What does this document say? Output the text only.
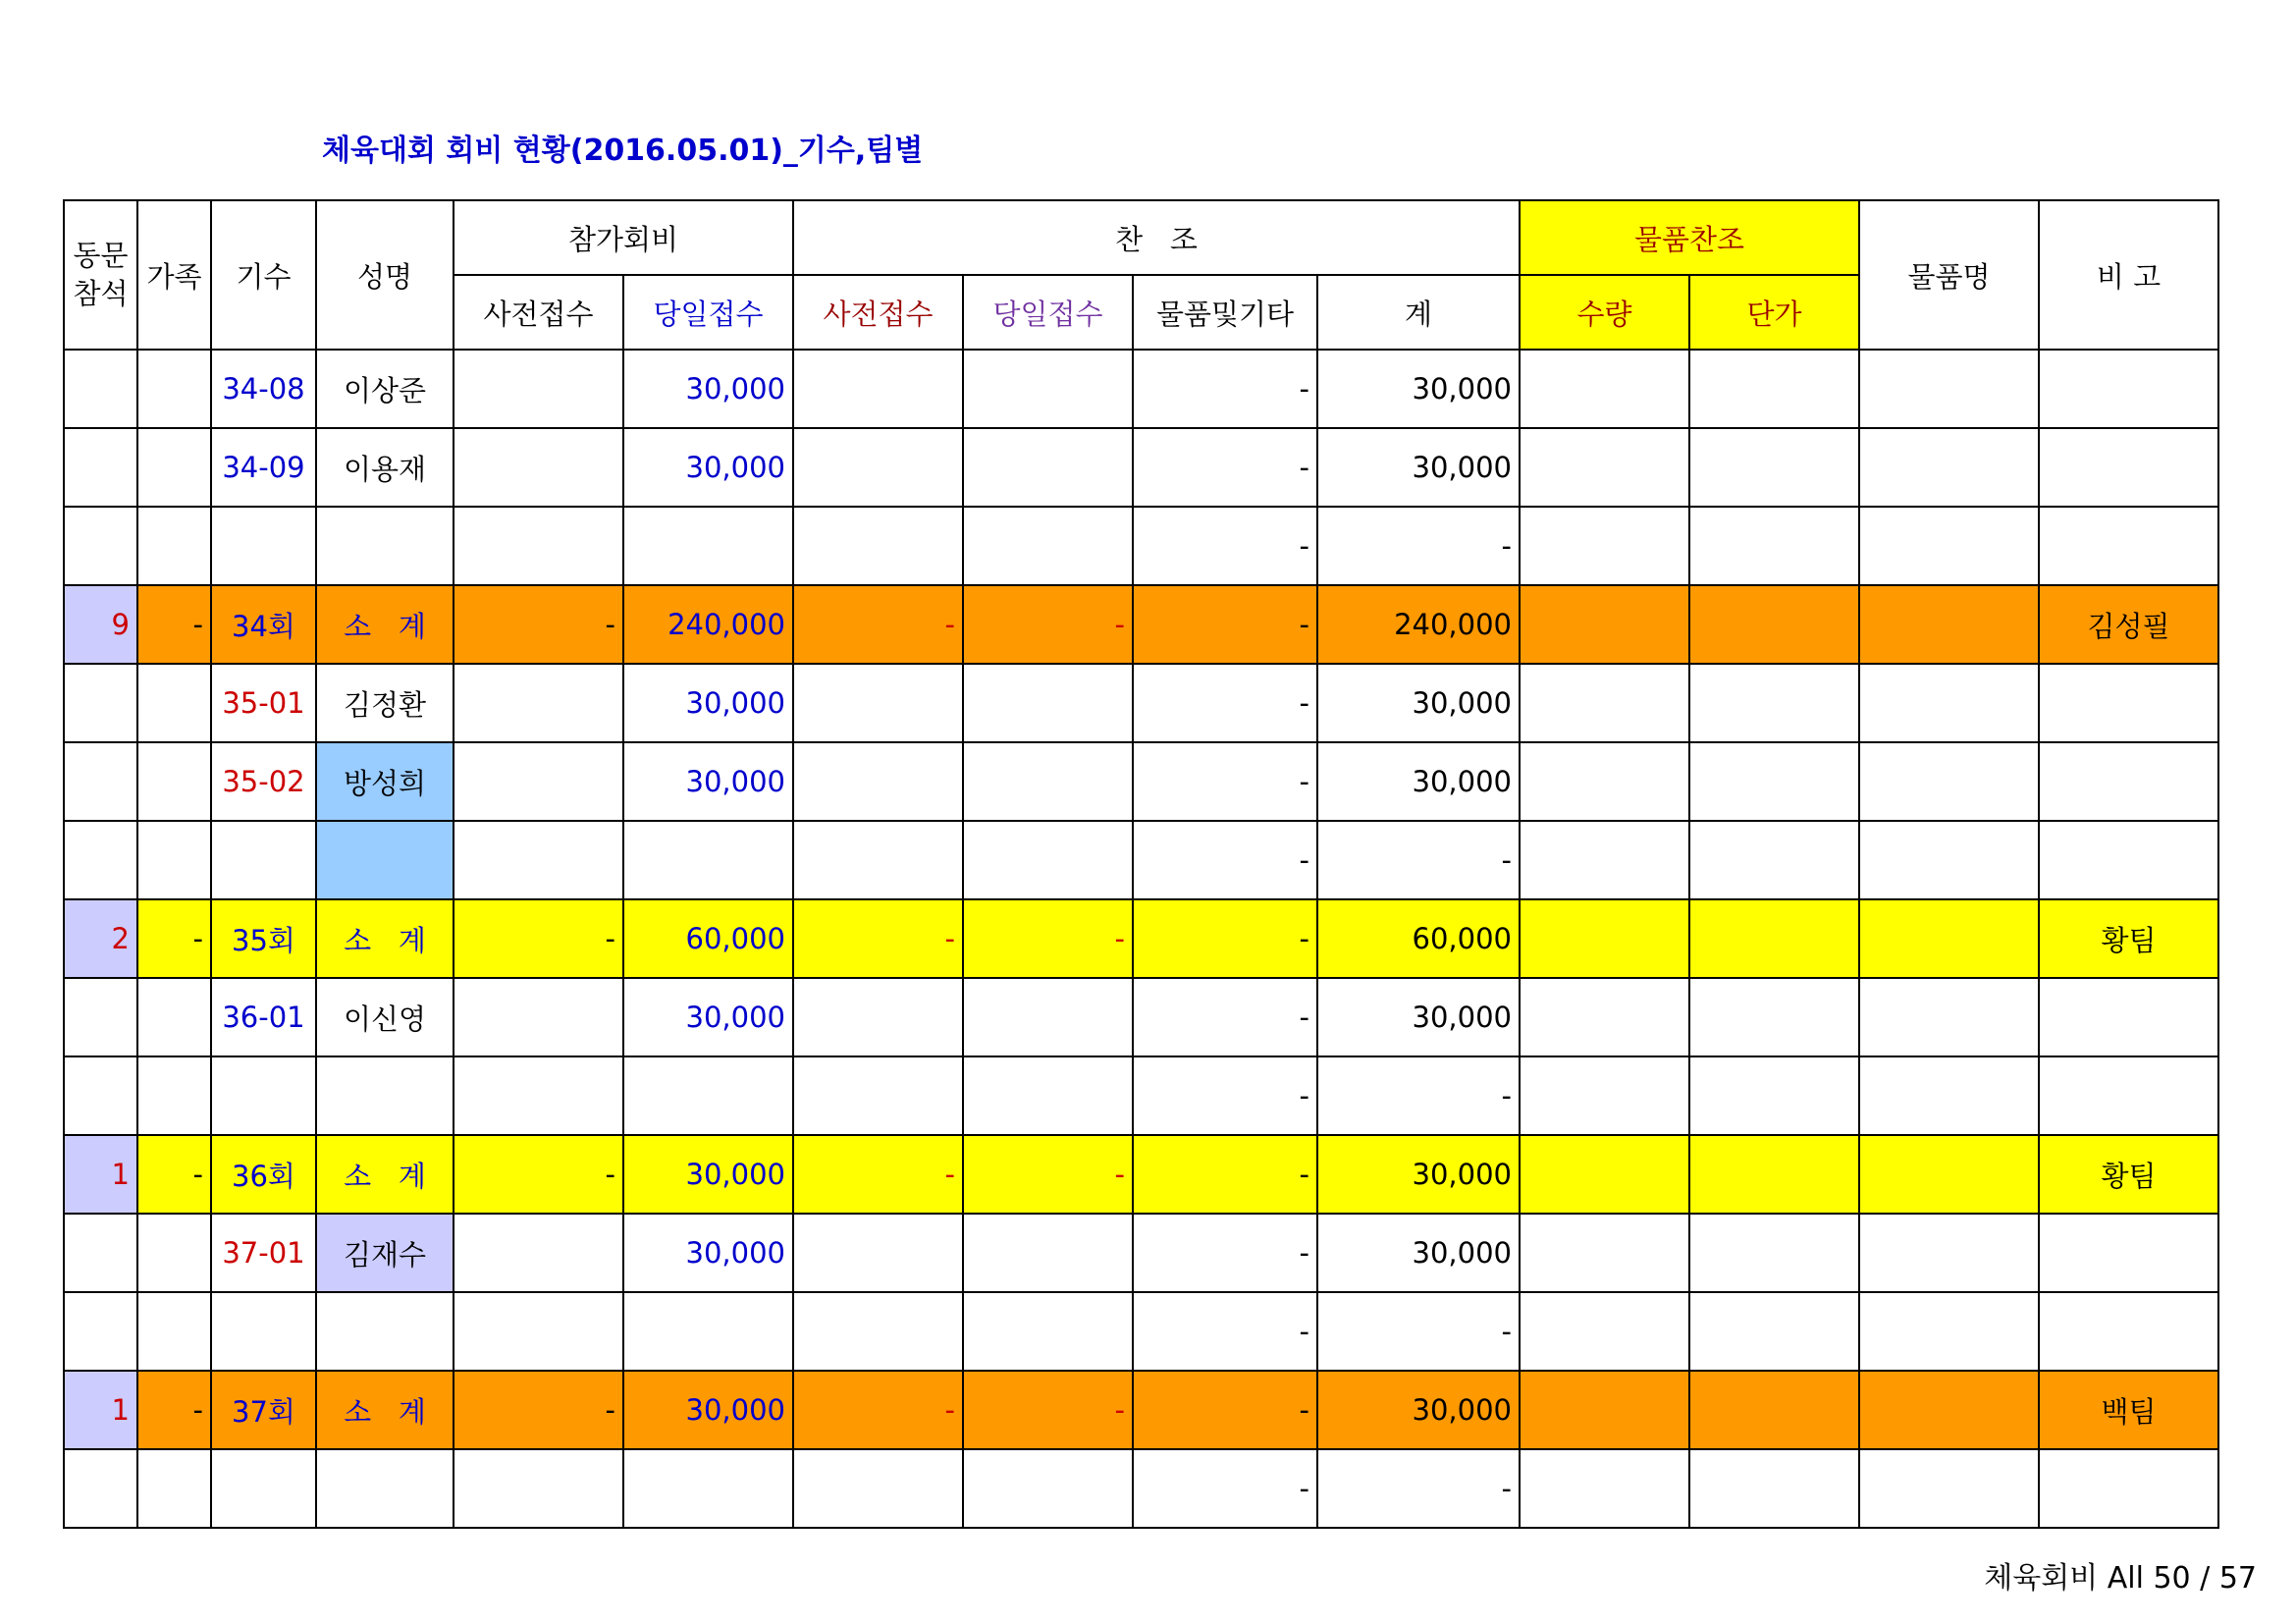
체육대회 회비 현황(2016.05.01)_기수,팀별
동문
참석	가족	기수	성명	참가회비		찬   조				물품찬조		물품명	비 고
				사전접수	당일접수	사전접수	당일접수	물품및기타	계	수량	단가		
		34-08	이상준		30,000			-	30,000				
		34-09	이용재		30,000			-	30,000				
								-	-				
9	-	34회	소   계	-	240,000	-	-	-	240,000				김성필
		35-01	김정환		30,000			-	30,000				
		35-02	방성희		30,000			-	30,000				
								-	-				
2	-	35회	소   계	-	60,000	-	-	-	60,000				황팀
		36-01	이신영		30,000			-	30,000				
								-	-				
1	-	36회	소   계	-	30,000	-	-	-	30,000				황팀
		37-01	김재수		30,000			-	30,000				
								-	-				
1	-	37회	소   계	-	30,000	-	-	-	30,000				백팀
								-	-				
체육회비 All 50 / 57
